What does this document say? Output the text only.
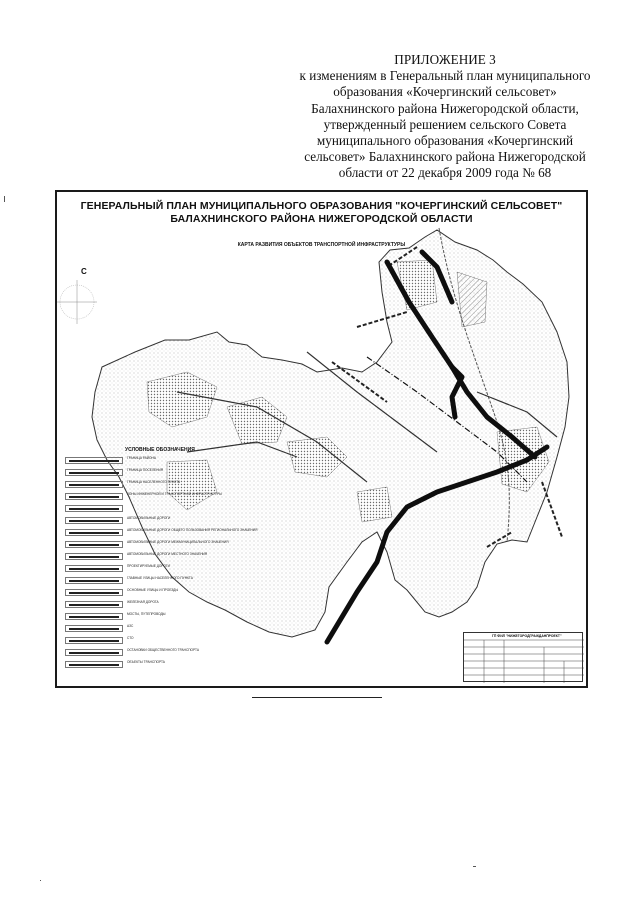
ПРИЛОЖЕНИЕ 3
к изменениям в Генеральный план муниципального
образования «Кочергинский сельсовет»
Балахнинского района Нижегородской области,
утвержденный решением сельского Совета
муниципального образования «Кочергинский
сельсовет» Балахнинского района Нижегородской
области от 22 декабря 2009 года № 68
ГЕНЕРАЛЬНЫЙ ПЛАН МУНИЦИПАЛЬНОГО ОБРАЗОВАНИЯ "КОЧЕРГИНСКИЙ СЕЛЬСОВЕТ"
БАЛАХНИНСКОГО РАЙОНА НИЖЕГОРОДСКОЙ ОБЛАСТИ
КАРТА РАЗВИТИЯ ОБЪЕКТОВ ТРАНСПОРТНОЙ ИНФРАСТРУКТУРЫ
С
УСЛОВНЫЕ ОБОЗНАЧЕНИЯ
ГРАНИЦА РАЙОНА
ГРАНИЦА ПОСЕЛЕНИЯ
ГРАНИЦА НАСЕЛЕННОГО ПУНКТА
ЗОНЫ ИНЖЕНЕРНОЙ И ТРАНСПОРТНОЙ ИНФРАСТРУКТУРЫ
АВТОМОБИЛЬНЫЕ ДОРОГИ
АВТОМОБИЛЬНЫЕ ДОРОГИ ОБЩЕГО ПОЛЬЗОВАНИЯ РЕГИОНАЛЬНОГО ЗНАЧЕНИЯ
АВТОМОБИЛЬНЫЕ ДОРОГИ МЕЖМУНИЦИПАЛЬНОГО ЗНАЧЕНИЯ
АВТОМОБИЛЬНЫЕ ДОРОГИ МЕСТНОГО ЗНАЧЕНИЯ
ПРОЕКТИРУЕМЫЕ ДОРОГИ
ГЛАВНЫЕ УЛИЦЫ НАСЕЛЕННОГО ПУНКТА
ОСНОВНЫЕ УЛИЦЫ И ПРОЕЗДЫ
ЖЕЛЕЗНАЯ ДОРОГА
МОСТЫ, ПУТЕПРОВОДЫ
АЗС
СТО
ОСТАНОВКИ ОБЩЕСТВЕННОГО ТРАНСПОРТА
ОБЪЕКТЫ ТРАНСПОРТА
ГП ФИЛ "НИЖЕГОРОДГРАЖДАНПРОЕКТ"
